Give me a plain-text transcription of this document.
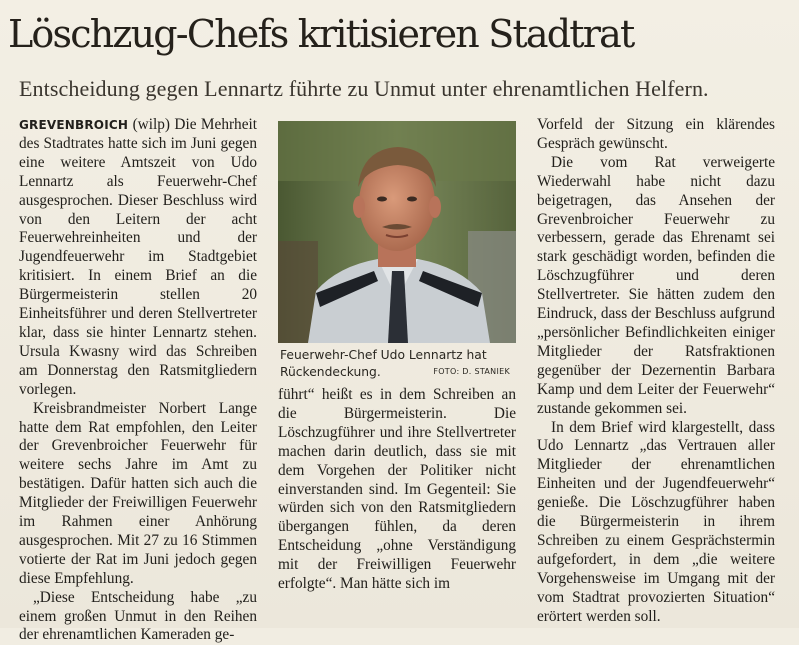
Löschzug-Chefs kritisieren Stadtrat
Entscheidung gegen Lennartz führte zu Unmut unter ehrenamtlichen Helfern.

GREVENBROICH (wilp) Die Mehrheit des Stadtrates hatte sich im Juni gegen eine weitere Amtszeit von Udo Lennartz als Feuerwehr-Chef ausgesprochen. Dieser Beschluss wird von den Leitern der acht Feuerwehreinheiten und der Jugendfeuerwehr im Stadtgebiet kritisiert. In einem Brief an die Bürgermeisterin stellen 20 Einheitsführer und deren Stellvertreter klar, dass sie hinter Lennartz stehen. Ursula Kwasny wird das Schreiben am Donnerstag den Ratsmitgliedern vorlegen.

Kreisbrandmeister Norbert Lange hatte dem Rat empfohlen, den Leiter der Grevenbroicher Feuerwehr für weitere sechs Jahre im Amt zu bestätigen. Dafür hatten sich auch die Mitglieder der Freiwilligen Feuerwehr im Rahmen einer Anhörung ausgesprochen. Mit 27 zu 16 Stimmen votierte der Rat im Juni jedoch gegen diese Empfehlung.

„Diese Entscheidung habe „zu einem großen Unmut in den Reihen der ehrenamtlichen Kameraden ge-

Feuerwehr-Chef Udo Lennartz hat Rückendeckung.	FOTO: D. STANIEK

führt“ heißt es in dem Schreiben an die Bürgermeisterin. Die Löschzugführer und ihre Stellvertreter machen darin deutlich, dass sie mit dem Vorgehen der Politiker nicht einverstanden sind. Im Gegenteil: Sie würden sich von den Ratsmitgliedern übergangen fühlen, da deren Entscheidung „ohne Verständigung mit der Freiwilligen Feuerwehr erfolgte“. Man hätte sich im

Vorfeld der Sitzung ein klärendes Gespräch gewünscht.

Die vom Rat verweigerte Wiederwahl habe nicht dazu beigetragen, das Ansehen der Grevenbroicher Feuerwehr zu verbessern, gerade das Ehrenamt sei stark geschädigt worden, befinden die Löschzugführer und deren Stellvertreter. Sie hätten zudem den Eindruck, dass der Beschluss aufgrund „persönlicher Befindlichkeiten einiger Mitglieder der Ratsfraktionen gegenüber der Dezernentin Barbara Kamp und dem Leiter der Feuerwehr“ zustande gekommen sei.

In dem Brief wird klargestellt, dass Udo Lennartz „das Vertrauen aller Mitglieder der ehrenamtlichen Einheiten und der Jugendfeuerwehr“ genieße. Die Löschzugführer haben die Bürgermeisterin in ihrem Schreiben zu einem Gesprächstermin aufgefordert, in dem „die weitere Vorgehensweise im Umgang mit der vom Stadtrat provozierten Situation“ erörtert werden soll.
